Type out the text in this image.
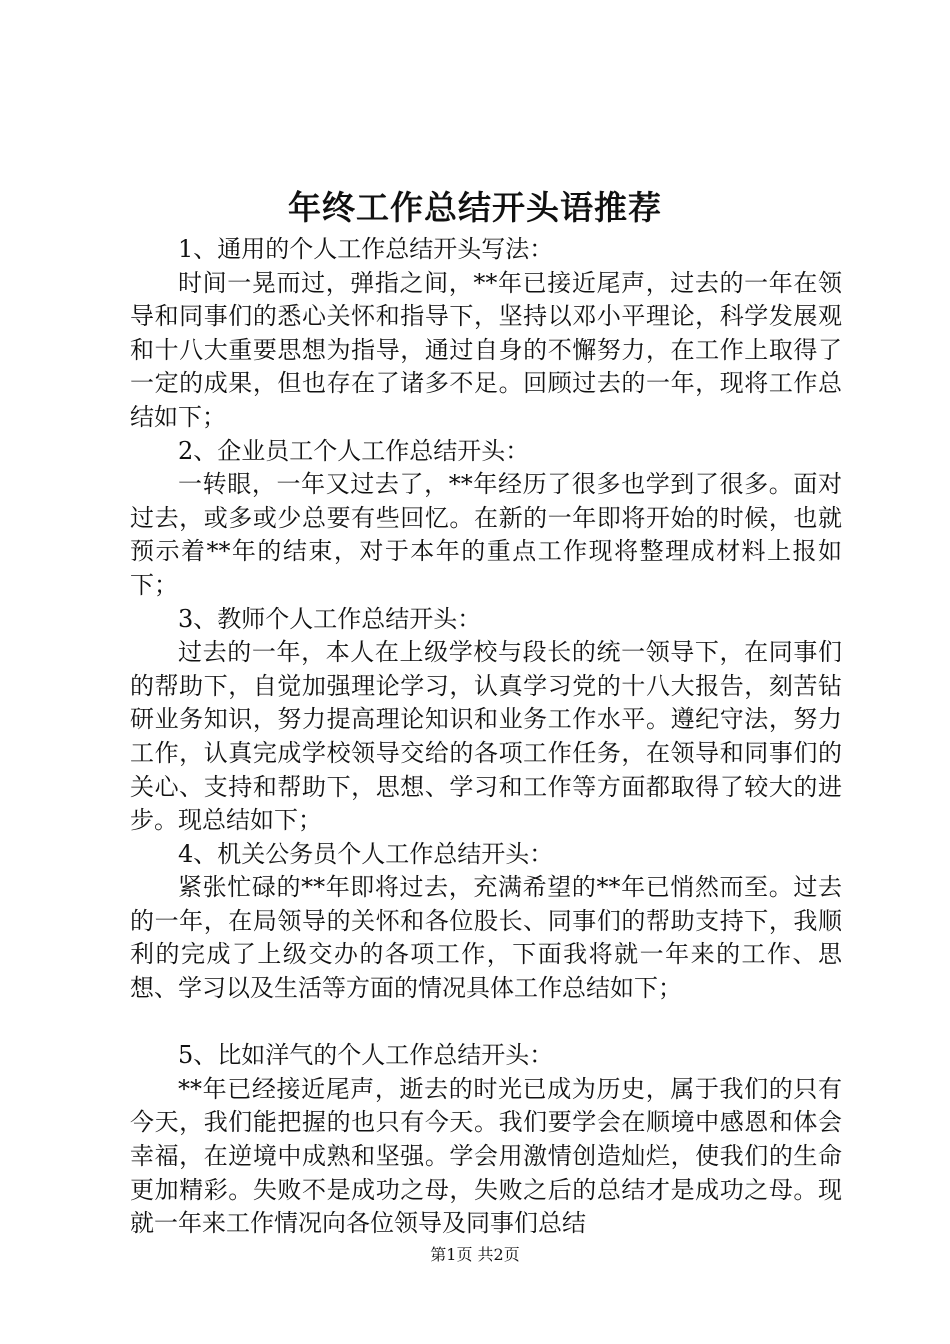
年终工作总结开头语推荐

1、通用的个人工作总结开头写法：

时间一晃而过，弹指之间，**年已接近尾声，过去的一年在领导和同事们的悉心关怀和指导下，坚持以邓小平理论，科学发展观和十八大重要思想为指导，通过自身的不懈努力，在工作上取得了一定的成果，但也存在了诸多不足。回顾过去的一年，现将工作总结如下；

2、企业员工个人工作总结开头：

一转眼，一年又过去了，**年经历了很多也学到了很多。面对过去，或多或少总要有些回忆。在新的一年即将开始的时候，也就预示着**年的结束，对于本年的重点工作现将整理成材料上报如下；

3、教师个人工作总结开头：

过去的一年，本人在上级学校与段长的统一领导下，在同事们的帮助下，自觉加强理论学习，认真学习党的十八大报告，刻苦钻研业务知识，努力提高理论知识和业务工作水平。遵纪守法，努力工作，认真完成学校领导交给的各项工作任务，在领导和同事们的关心、支持和帮助下，思想、学习和工作等方面都取得了较大的进步。现总结如下；

4、机关公务员个人工作总结开头：

紧张忙碌的**年即将过去，充满希望的**年已悄然而至。过去的一年，在局领导的关怀和各位股长、同事们的帮助支持下，我顺利的完成了上级交办的各项工作，下面我将就一年来的工作、思想、学习以及生活等方面的情况具体工作总结如下；

5、比如洋气的个人工作总结开头：

**年已经接近尾声，逝去的时光已成为历史，属于我们的只有今天，我们能把握的也只有今天。我们要学会在顺境中感恩和体会幸福，在逆境中成熟和坚强。学会用激情创造灿烂，使我们的生命更加精彩。失败不是成功之母，失败之后的总结才是成功之母。现就一年来工作情况向各位领导及同事们总结

第1页 共2页
